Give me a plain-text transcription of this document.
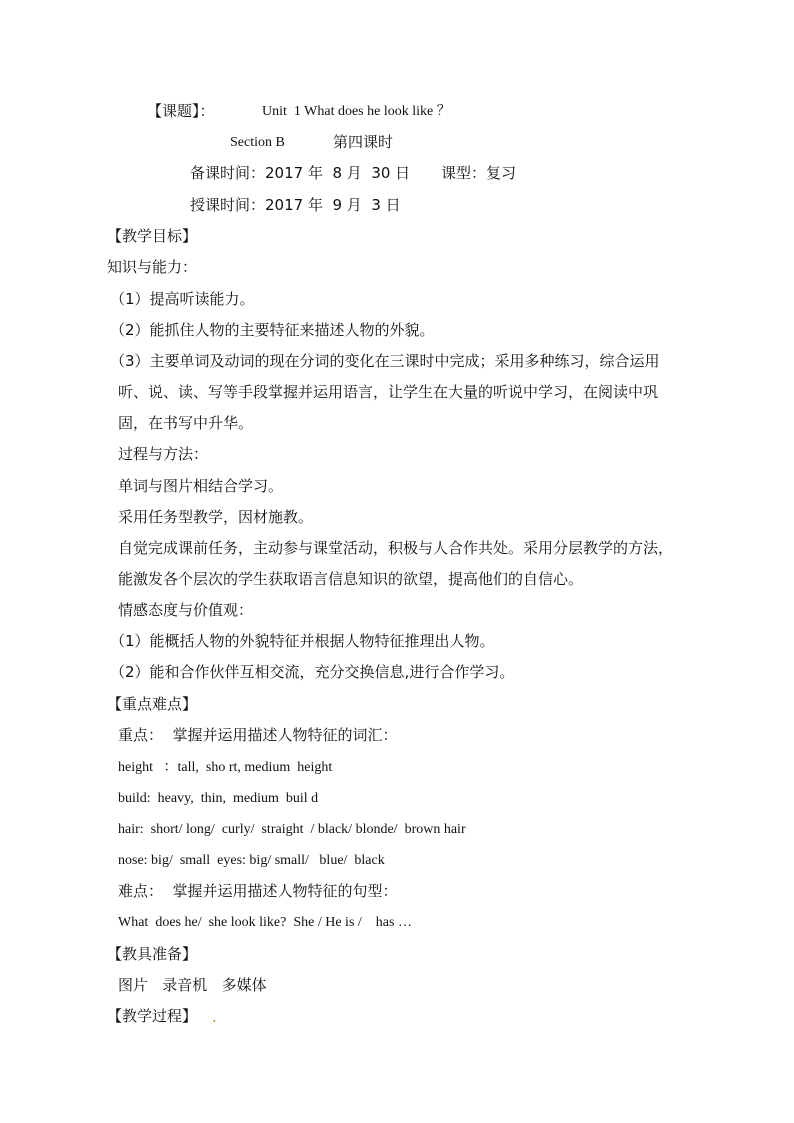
【课题】：	Unit  1 What does he look like ？
Section B	第四课时
备课时间：2017 年  8 月  30 日 课型：复习
授课时间：2017 年  9 月  3 日
【教学目标】
知识与能力：
（1）提高听读能力。
（2）能抓住人物的主要特征来描述人物的外貌。
（3）主要单词及动词的现在分词的变化在三课时中完成；采用多种练习，综合运用
听、说、读、写等手段掌握并运用语言，让学生在大量的听说中学习，在阅读中巩
固，在书写中升华。
过程与方法：
单词与图片相结合学习。
采用任务型教学，因材施教。
自觉完成课前任务，主动参与课堂活动，积极与人合作共处。采用分层教学的方法，
能激发各个层次的学生获取语言信息知识的欲望，提高他们的自信心。
情感态度与价值观：
（1）能概括人物的外貌特征并根据人物特征推理出人物。
（2）能和合作伙伴互相交流，充分交换信息,进行合作学习。
【重点难点】
重点：  掌握并运用描述人物特征的词汇：
height   ：tall,  sho rt, medium  height
build:  heavy,  thin,  medium  buil d
hair:  short/ long/  curly/  straight  / black/ blonde/  brown hair
nose: big/  small  eyes: big/ small/   blue/  black
难点：  掌握并运用描述人物特征的句型：
What  does he/  she look like?  She / He is /    has …
【教具准备】
图片   录音机   多媒体
【教学过程】 .
